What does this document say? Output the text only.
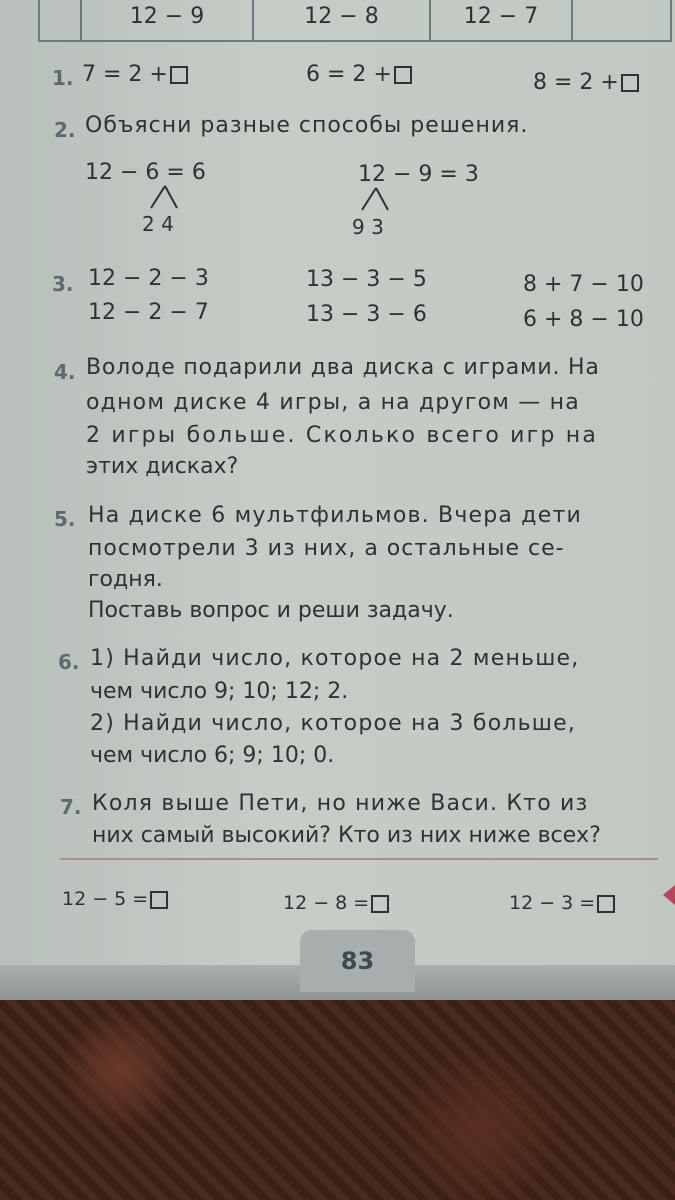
12 − 9	12 − 8	12 − 7
1. 7 = 2 +	6 = 2 +	8 = 2 +
2. Объясни разные способы решения.
12 − 6 = 6
2 4
12 − 9 = 3
9 3
3. 12 − 2 − 3	13 − 3 − 5	8 + 7 − 10
12 − 2 − 7	13 − 3 − 6	6 + 8 − 10
4. Володе подарили два диска с играми. На
одном диске 4 игры, а на другом — на
2 игры больше. Сколько всего игр на
этих дисках?
5. На диске 6 мультфильмов. Вчера дети
посмотрели 3 из них, а остальные се-
годня.
Поставь вопрос и реши задачу.
6. 1) Найди число, которое на 2 меньше,
чем число 9; 10; 12; 2.
2) Найди число, которое на 3 больше,
чем число 6; 9; 10; 0.
7. Коля выше Пети, но ниже Васи. Кто из
них самый высокий? Кто из них ниже всех?
12 − 5 =	12 − 8 =	12 − 3 =
83
